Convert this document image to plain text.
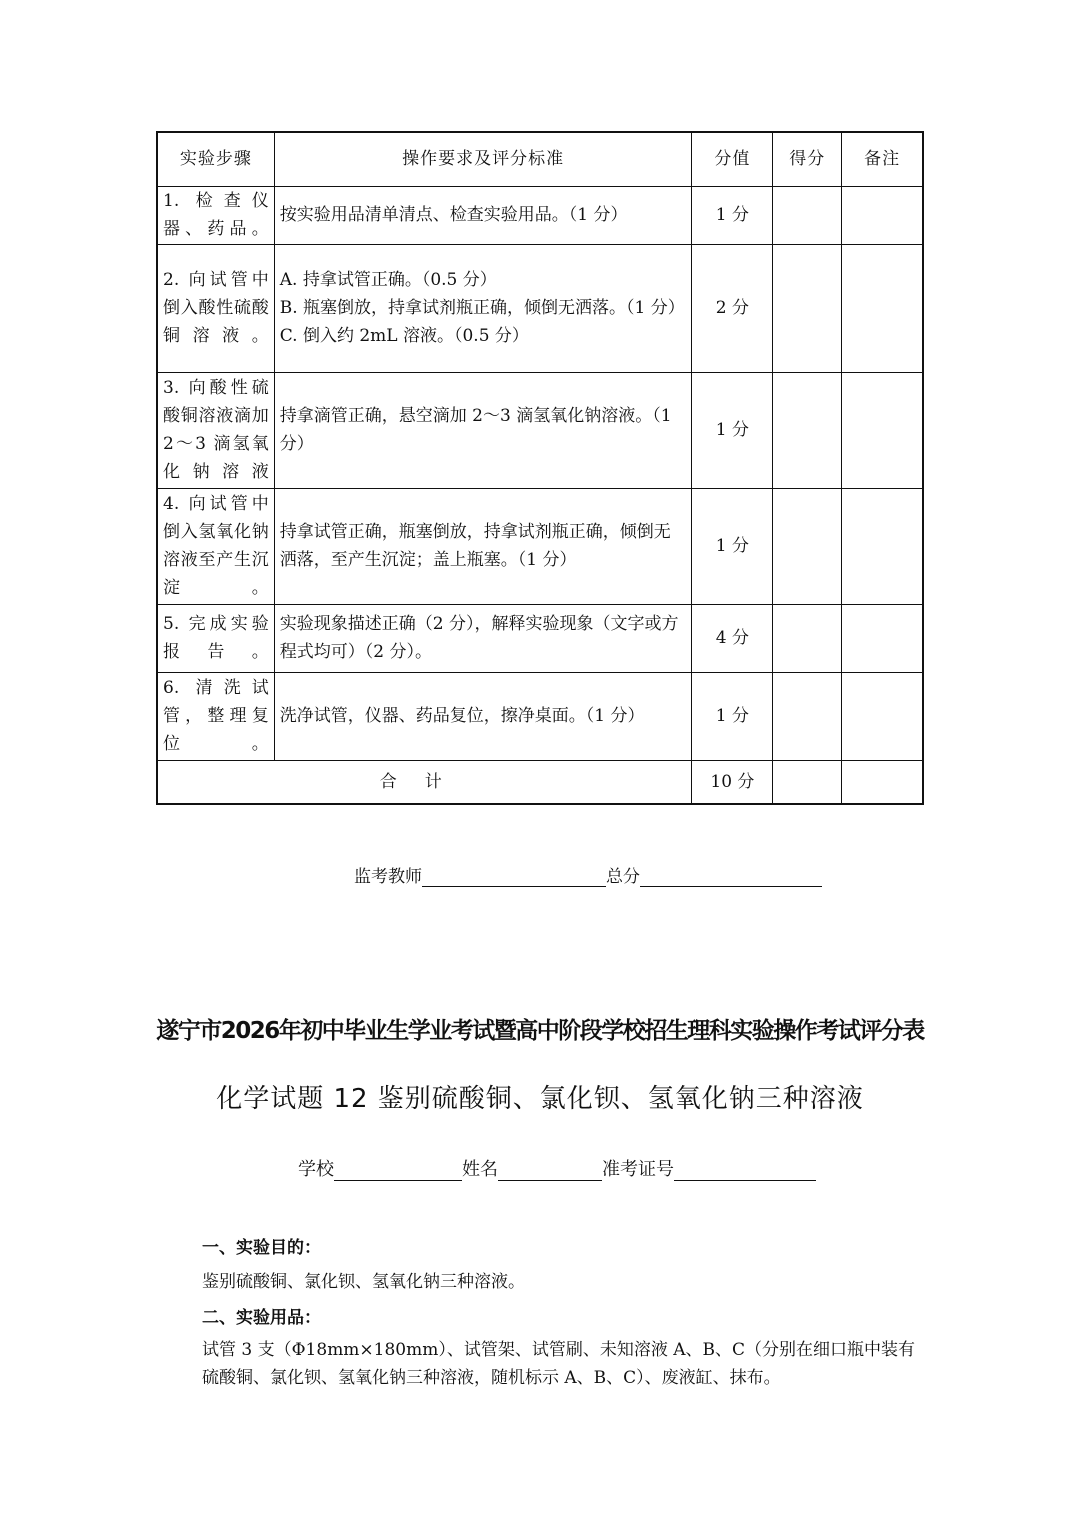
实验步骤	操作要求及评分标准	分值	得分	备注
1. 检查仪器、药品。	按实验用品清单清点、检查实验用品。（1 分）	1 分		
2. 向试管中倒入酸性硫酸铜溶液。	A. 持拿试管正确。（0.5 分）
B. 瓶塞倒放，持拿试剂瓶正确，倾倒无洒落。（1 分）
C. 倒入约 2mL 溶液。（0.5 分）	2 分		
3. 向酸性硫酸铜溶液滴加 2～3 滴氢氧化钠溶液	持拿滴管正确，悬空滴加 2～3 滴氢氧化钠溶液。（1 分）	1 分		
4. 向试管中倒入氢氧化钠溶液至产生沉淀。	持拿试管正确，瓶塞倒放，持拿试剂瓶正确，倾倒无洒落，至产生沉淀；盖上瓶塞。（1 分）	1 分		
5. 完成实验报告。	实验现象描述正确（2 分），解释实验现象（文字或方程式均可）（2 分）。	4 分		
6. 清洗试管，整理复位。	洗净试管，仪器、药品复位，擦净桌面。（1 分）	1 分		
合计		10 分		
监考教师	总分
遂宁市2026年初中毕业生学业考试暨高中阶段学校招生理科实验操作考试评分表
化学试题 12 鉴别硫酸铜、氯化钡、氢氧化钠三种溶液
学校	姓名	准考证号
一、实验目的：
鉴别硫酸铜、氯化钡、氢氧化钠三种溶液。
二、实验用品：
试管 3 支（Φ18mm×180mm）、试管架、试管刷、未知溶液 A、B、C（分别在细口瓶中装有硫酸铜、氯化钡、氢氧化钠三种溶液，随机标示 A、B、C）、废液缸、抹布。
